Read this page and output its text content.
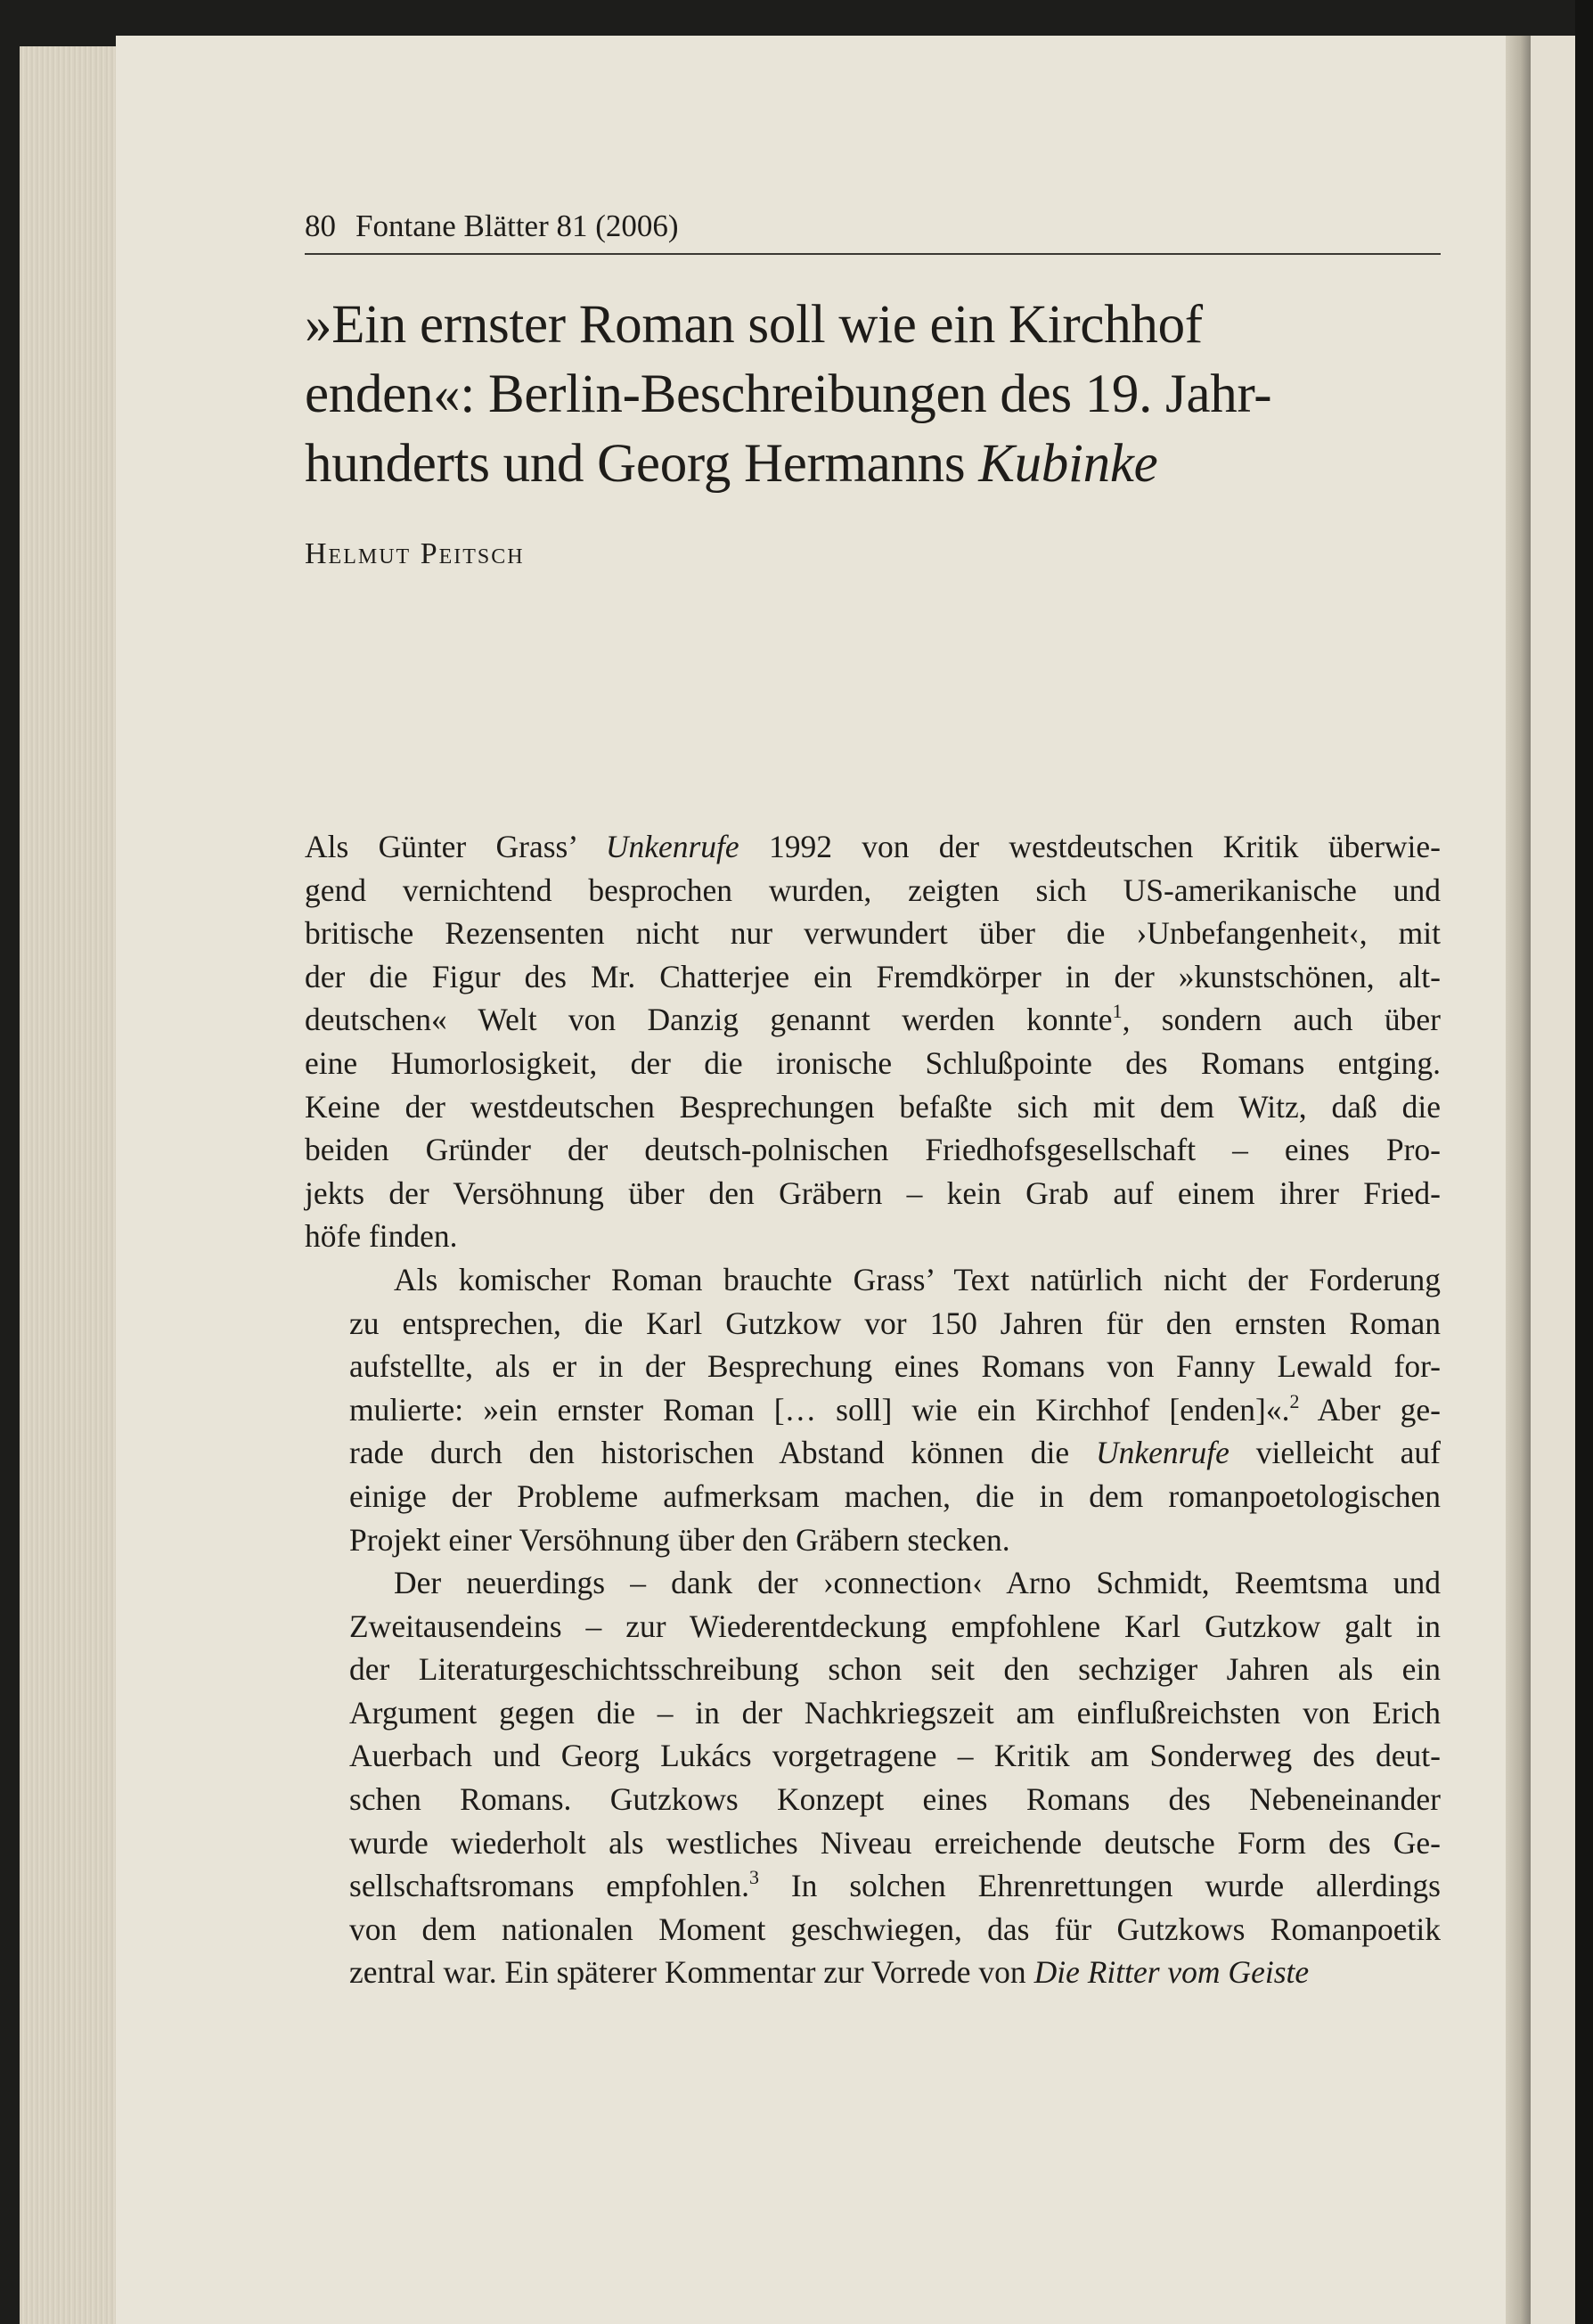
80 Fontane Blätter 81 (2006)
»Ein ernster Roman soll wie ein Kirchhof
enden«: Berlin-Beschreibungen des 19. Jahr-
hunderts und Georg Hermanns Kubinke
Helmut Peitsch

Als Günter Grass’ Unkenrufe 1992 von der westdeutschen Kritik überwie-
gend vernichtend besprochen wurden, zeigten sich US-amerikanische und
britische Rezensenten nicht nur verwundert über die ›Unbefangenheit‹, mit
der die Figur des Mr. Chatterjee ein Fremdkörper in der »kunstschönen, alt-
deutschen« Welt von Danzig genannt werden konnte$^1$, sondern auch über
eine Humorlosigkeit, der die ironische Schlußpointe des Romans entging.
Keine der westdeutschen Besprechungen befaßte sich mit dem Witz, daß die
beiden Gründer der deutsch-polnischen Friedhofsgesellschaft – eines Pro-
jekts der Versöhnung über den Gräbern – kein Grab auf einem ihrer Fried-
höfe finden.

Als komischer Roman brauchte Grass’ Text natürlich nicht der Forderung
zu entsprechen, die Karl Gutzkow vor 150 Jahren für den ernsten Roman
aufstellte, als er in der Besprechung eines Romans von Fanny Lewald for-
mulierte: »ein ernster Roman [… soll] wie ein Kirchhof [enden]«.$^2$ Aber ge-
rade durch den historischen Abstand können die Unkenrufe vielleicht auf
einige der Probleme aufmerksam machen, die in dem romanpoetologischen
Projekt einer Versöhnung über den Gräbern stecken.

Der neuerdings – dank der ›connection‹ Arno Schmidt, Reemtsma und
Zweitausendeins – zur Wiederentdeckung empfohlene Karl Gutzkow galt in
der Literaturgeschichtsschreibung schon seit den sechziger Jahren als ein
Argument gegen die – in der Nachkriegszeit am einflußreichsten von Erich
Auerbach und Georg Lukács vorgetragene – Kritik am Sonderweg des deut-
schen Romans. Gutzkows Konzept eines Romans des Nebeneinander
wurde wiederholt als westliches Niveau erreichende deutsche Form des Ge-
sellschaftsromans empfohlen.$^3$ In solchen Ehrenrettungen wurde allerdings
von dem nationalen Moment geschwiegen, das für Gutzkows Romanpoetik
zentral war. Ein späterer Kommentar zur Vorrede von Die Ritter vom Geiste
